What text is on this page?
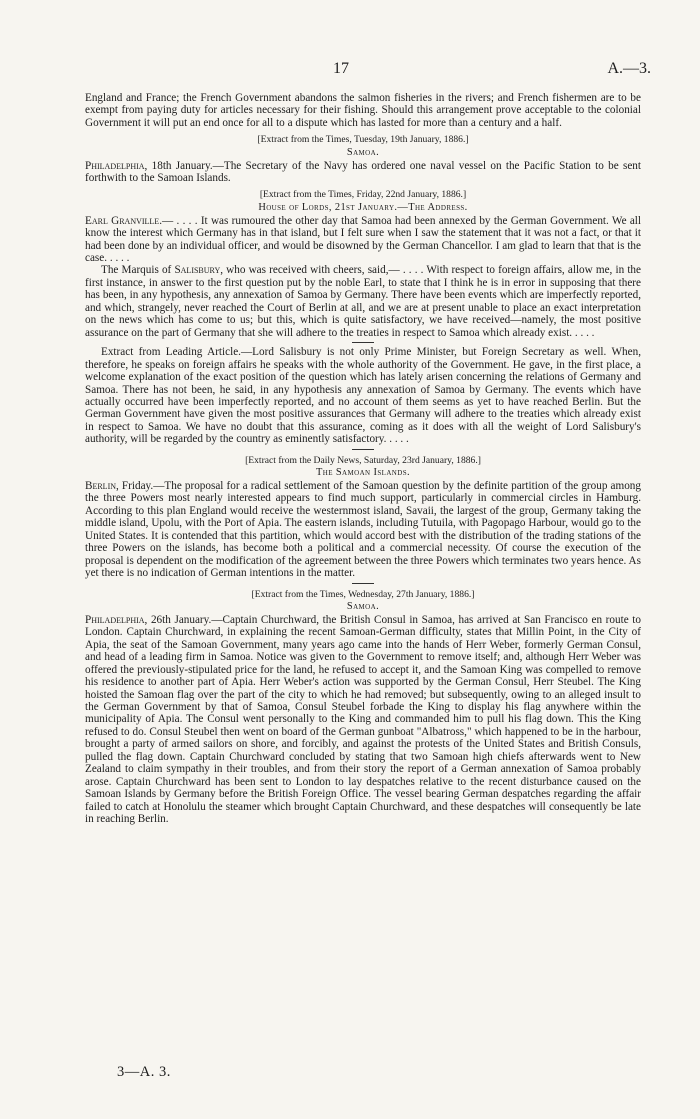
17	A.—3.

England and France; the French Government abandons the salmon fisheries in the rivers; and French fishermen are to be exempt from paying duty for articles necessary for their fishing. Should this arrangement prove acceptable to the colonial Government it will put an end once for all to a dispute which has lasted for more than a century and a half.

[Extract from the Times, Tuesday, 19th January, 1886.]
Samoa.

Philadelphia, 18th January.—The Secretary of the Navy has ordered one naval vessel on the Pacific Station to be sent forthwith to the Samoan Islands.

[Extract from the Times, Friday, 22nd January, 1886.]
House of Lords, 21st January.—The Address.

Earl Granville.— . . . . It was rumoured the other day that Samoa had been annexed by the German Government. We all know the interest which Germany has in that island, but I felt sure when I saw the statement that it was not a fact, or that it had been done by an individual officer, and would be disowned by the German Chancellor. I am glad to learn that that is the case. . . . .

The Marquis of Salisbury, who was received with cheers, said,— . . . . With respect to foreign affairs, allow me, in the first instance, in answer to the first question put by the noble Earl, to state that I think he is in error in supposing that there has been, in any hypothesis, any annexation of Samoa by Germany. There have been events which are imperfectly reported, and which, strangely, never reached the Court of Berlin at all, and we are at present unable to place an exact interpretation on the news which has come to us; but this, which is quite satisfactory, we have received—namely, the most positive assurance on the part of Germany that she will adhere to the treaties in respect to Samoa which already exist. . . . .

Extract from Leading Article.—Lord Salisbury is not only Prime Minister, but Foreign Secretary as well. When, therefore, he speaks on foreign affairs he speaks with the whole authority of the Government. He gave, in the first place, a welcome explanation of the exact position of the question which has lately arisen concerning the relations of Germany and Samoa. There has not been, he said, in any hypothesis any annexation of Samoa by Germany. The events which have actually occurred have been imperfectly reported, and no account of them seems as yet to have reached Berlin. But the German Government have given the most positive assurances that Germany will adhere to the treaties which already exist in respect to Samoa. We have no doubt that this assurance, coming as it does with all the weight of Lord Salisbury's authority, will be regarded by the country as eminently satisfactory. . . . .

[Extract from the Daily News, Saturday, 23rd January, 1886.]
The Samoan Islands.

Berlin, Friday.—The proposal for a radical settlement of the Samoan question by the definite partition of the group among the three Powers most nearly interested appears to find much support, particularly in commercial circles in Hamburg. According to this plan England would receive the westernmost island, Savaii, the largest of the group, Germany taking the middle island, Upolu, with the Port of Apia. The eastern islands, including Tutuila, with Pagopago Harbour, would go to the United States. It is contended that this partition, which would accord best with the distribution of the trading stations of the three Powers on the islands, has become both a political and a commercial necessity. Of course the execution of the proposal is dependent on the modification of the agreement between the three Powers which terminates two years hence. As yet there is no indication of German intentions in the matter.

[Extract from the Times, Wednesday, 27th January, 1886.]
Samoa.

Philadelphia, 26th January.—Captain Churchward, the British Consul in Samoa, has arrived at San Francisco en route to London. Captain Churchward, in explaining the recent Samoan-German difficulty, states that Millin Point, in the City of Apia, the seat of the Samoan Government, many years ago came into the hands of Herr Weber, formerly German Consul, and head of a leading firm in Samoa. Notice was given to the Government to remove itself; and, although Herr Weber was offered the previously-stipulated price for the land, he refused to accept it, and the Samoan King was compelled to remove his residence to another part of Apia. Herr Weber's action was supported by the German Consul, Herr Steubel. The King hoisted the Samoan flag over the part of the city to which he had removed; but subsequently, owing to an alleged insult to the German Government by that of Samoa, Consul Steubel forbade the King to display his flag anywhere within the municipality of Apia. The Consul went personally to the King and commanded him to pull his flag down. This the King refused to do. Consul Steubel then went on board of the German gunboat "Albatross," which happened to be in the harbour, brought a party of armed sailors on shore, and forcibly, and against the protests of the United States and British Consuls, pulled the flag down. Captain Churchward concluded by stating that two Samoan high chiefs afterwards went to New Zealand to claim sympathy in their troubles, and from their story the report of a German annexation of Samoa probably arose. Captain Churchward has been sent to London to lay despatches relative to the recent disturbance caused on the Samoan Islands by Germany before the British Foreign Office. The vessel bearing German despatches regarding the affair failed to catch at Honolulu the steamer which brought Captain Churchward, and these despatches will consequently be late in reaching Berlin.

3—A. 3.
